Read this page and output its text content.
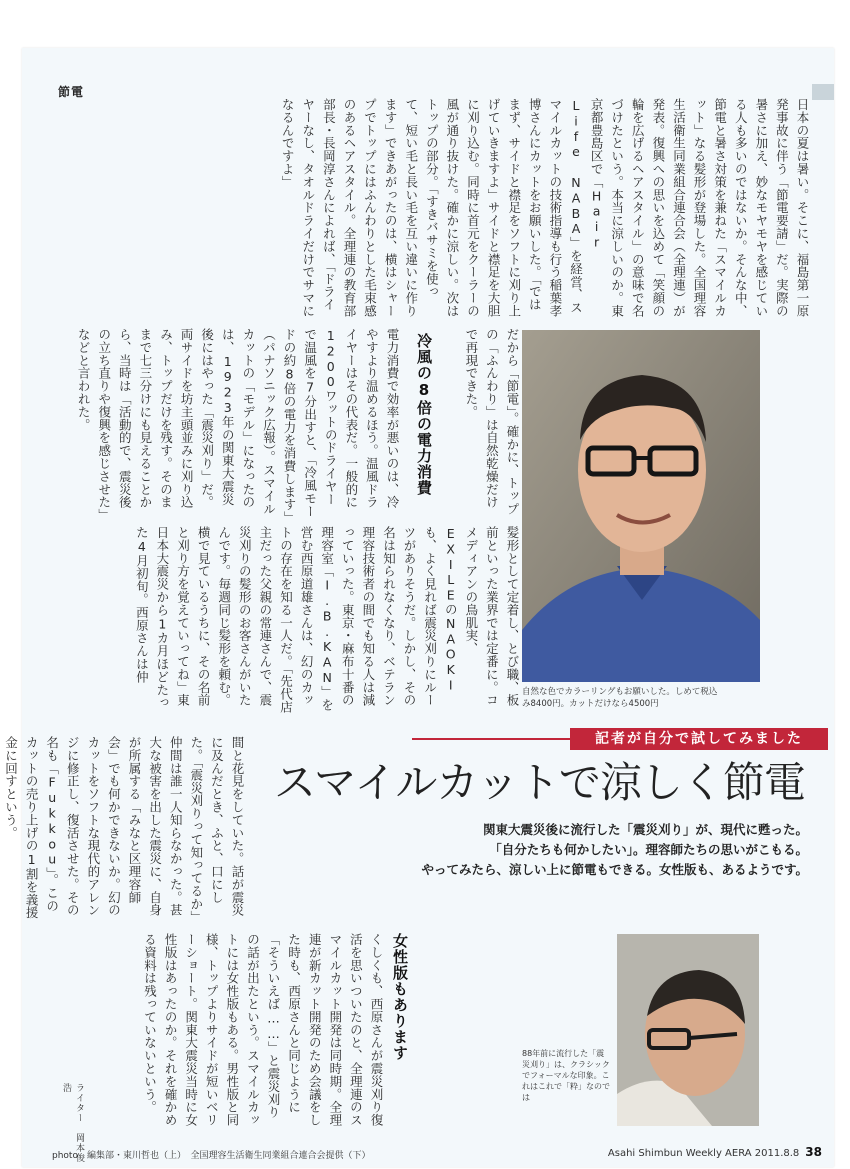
節電

日本の夏は暑い。そこに、福島第一原発事故に伴う「節電要請」だ。実際の暑さに加え、妙なモヤモヤを感じている人も多いのではないか。そんな中、節電と暑さ対策を兼ねた「スマイルカット」なる髪形が登場した。全国理容生活衛生同業組合連合会（全理連）が発表。復興への思いを込めて「笑顔の輪を広げるヘアスタイル」の意味で名づけたという。本当に涼しいのか。東京都豊島区で「Hair Life NABA」を経営、スマイルカットの技術指導も行う稲葉孝博さんにカットをお願いした。「ではまず、サイドと襟足をソフトに刈り上げていきますよ」サイドと襟足を大胆に刈り込む。同時に首元をクーラーの風が通り抜けた。確かに涼しい。次はトップの部分。「すきバサミを使って、短い毛と長い毛を互い違いに作ります」できあがったのは、横はシャープでトップにはふんわりとした毛束感のあるヘアスタイル。全理連の教育部部長・長岡淳さんによれば、「ドライヤーなし、タオルドライだけでサマになるんですよ」

だから「節電」。確かに、トップの「ふんわり」は自然乾燥だけで再現できた。

冷風の8倍の電力消費

電力消費で効率が悪いのは、冷やすより温めるほう。温風ドライヤーはその代表だ。一般的に1200ワットのドライヤーで温風を7分出すと、「冷風モードの約8倍の電力を消費します」（パナソニック広報）。スマイルカットの「モデル」になったのは、1923年の関東大震災後にはやった「震災刈り」だ。両サイドを坊主頭並みに刈り込み、トップだけを残す。そのままで七三分けにも見えることから、当時は「活動的で、震災後の立ち直りや復興を感じさせた」などと言われた。

髪形として定着し、とび職、板前といった業界では定番に。コメディアンの鳥肌実、EXILEのNAOKIも、よく見れば震災刈りにルーツがありそうだ。しかし、その名は知られなくなり、ベテラン理容技術者の間でも知る人は減っていった。東京・麻布十番の理容室「I.B.KAN」を営む西原道雄さんは、幻のカットの存在を知る一人だ。「先代店主だった父親の常連さんで、震災刈りの髪形のお客さんがいたんです。毎週同じ髪形を頼む。横で見ているうちに、その名前と刈り方を覚えていってね」東日本大震災から1カ月ほどたった4月初旬。西原さんは仲

自然な色でカラーリングもお願いした。しめて税込み8400円。カットだけなら4500円
記者が自分で試してみました
スマイルカットで涼しく節電
関東大震災後に流行した「震災刈り」が、現代に甦った。
「自分たちも何かしたい」。理容師たちの思いがこもる。
やってみたら、涼しい上に節電もできる。女性版も、あるようです。

間と花見をしていた。話が震災に及んだとき、ふと、口にした。「震災刈りって知ってるか」仲間は誰一人知らなかった。甚大な被害を出した震災に、自身が所属する「みなと区理容師会」でも何かできないか。幻のカットをソフトな現代的アレンジに修正し、復活させた。その名も「Fukkou」。このカットの売り上げの1割を義援金に回すという。

女性版もあります

くしくも、西原さんが震災刈り復活を思いついたのと、全理連のスマイルカット開発は同時期。全理連が新カット開発のため会議をした時も、西原さんと同じように「そういえば……」と震災刈りの話が出たという。スマイルカットには女性版もある。男性版と同様、トップよりサイドが短いベリーショート。関東大震災当時に女性版はあったのか。それを確かめる資料は残っていないという。

ライター　岡本俊浩
88年前に流行した「震災刈り」は、クラシックでフォーマルな印象。これはこれで「粋」なのでは
photo　編集部・東川哲也（上）　全国理容生活衛生同業組合連合会提供（下）	Asahi Shimbun Weekly AERA 2011.8.8 38
